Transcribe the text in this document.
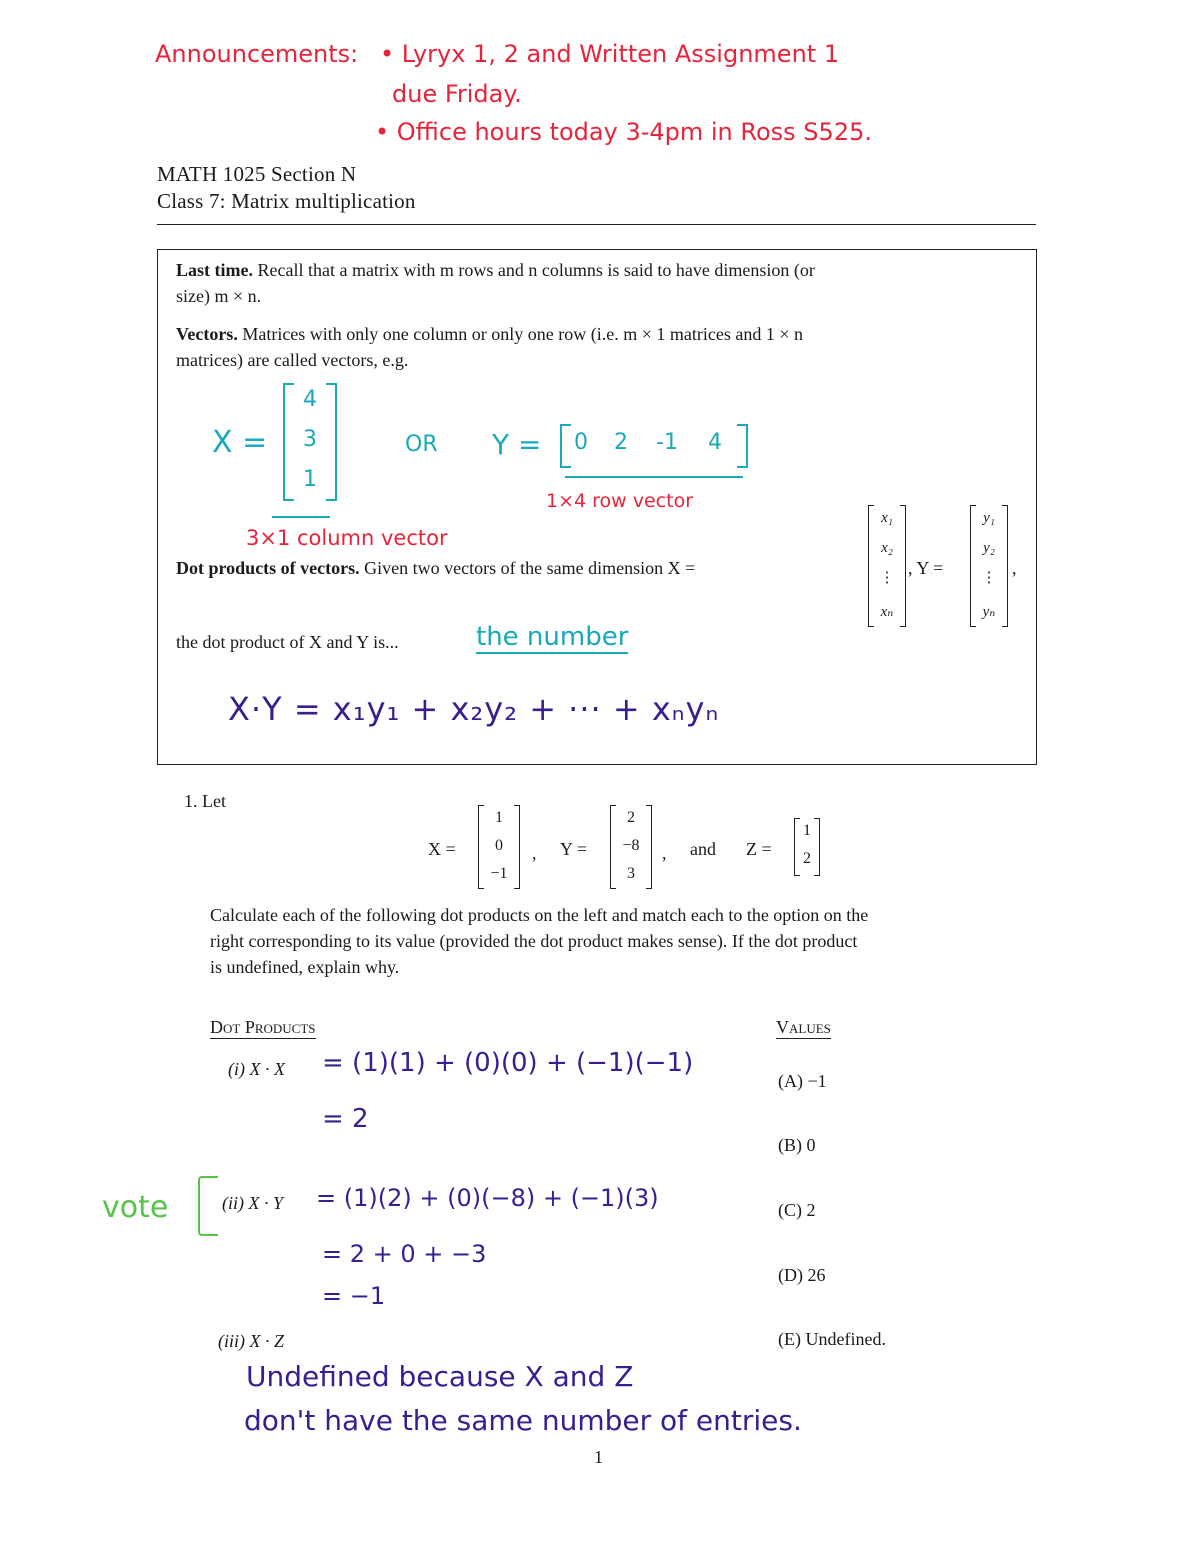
Announcements: • Lyryx 1, 2 and Written Assignment 1
due Friday.
• Office hours today 3-4pm in Ross S525.
MATH 1025 Section N
Class 7: Matrix multiplication
Last time. Recall that a matrix with m rows and n columns is said to have dimension (or
size) m × n.
Vectors. Matrices with only one column or only one row (i.e. m × 1 matrices and 1 × n
matrices) are called vectors, e.g.
X =
4
3
1
3×1 column vector
OR Y = 0 2 -1 4
1×4 row vector
Dot products of vectors. Given two vectors of the same dimension X =
x₁
x₂
⋮
xₙ
, Y =
y₁
y₂
⋮
yₙ
,
the dot product of X and Y is...	the number
X·Y = x₁y₁ + x₂y₂ + ··· + xₙyₙ
1. Let
X =
1
0
−1
, Y =
2
−8
3
, and Z =
1
2
Calculate each of the following dot products on the left and match each to the option on the
right corresponding to its value (provided the dot product makes sense). If the dot product
is undefined, explain why.
Dot Products
(i) X · X = (1)(1) + (0)(0) + (−1)(−1)
= 2
vote	(ii) X · Y = (1)(2) + (0)(−8) + (−1)(3)
= 2 + 0 + −3
= −1
(iii) X · Z
Undefined because X and Z
don't have the same number of entries.
Values
(A) −1
(B) 0
(C) 2
(D) 26
(E) Undefined.
1
